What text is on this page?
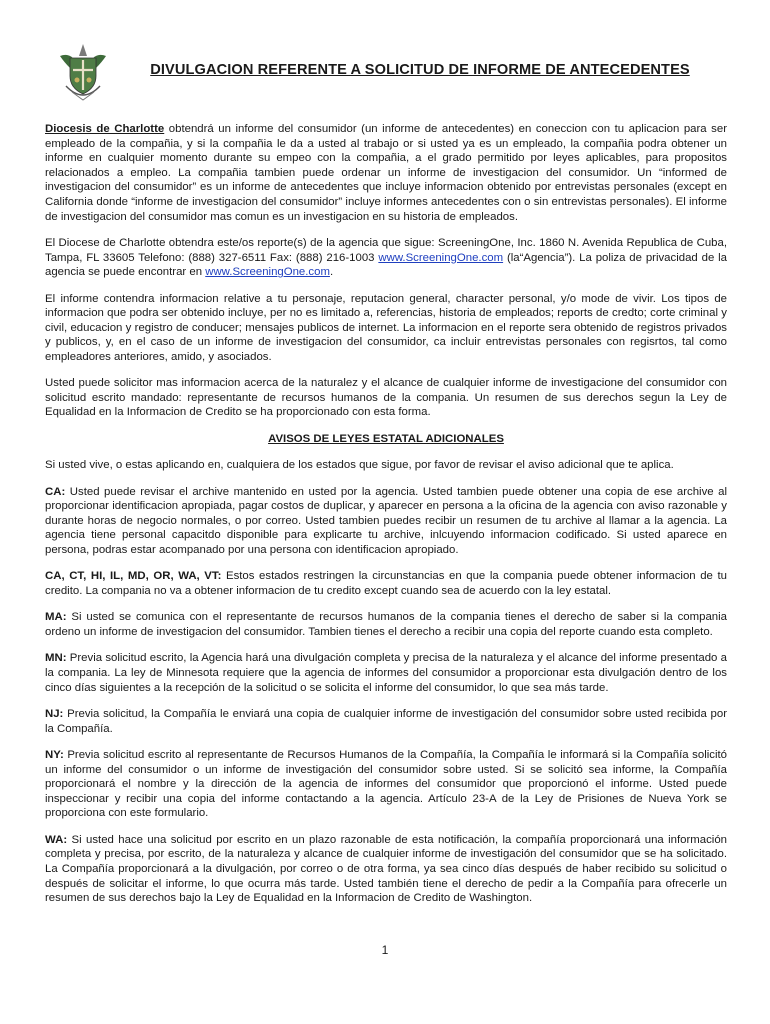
DIVULGACION REFERENTE A SOLICITUD DE INFORME DE ANTECEDENTES

Diocesis de Charlotte obtendrá un informe del consumidor (un informe de antecedentes) en coneccion con tu aplicacion para ser empleado de la compañia, y si la compañia le da a usted al trabajo or si usted ya es un empleado, la compañia podra obtener un informe en cualquier momento durante su empeo con la compañia, a el grado permitido por leyes aplicables, para propositos relacionados a empleo. La compañia tambien puede ordenar un informe de investigacion del consumidor. Un “informed de investigacion del consumidor” es un informe de antecedentes que incluye informacion obtenido por entrevistas personales (except en California donde “informe de investigacion del consumidor” incluye informes antecedentes con o sin entrevistas personales). El informe de investigacion del consumidor mas comun es un investigacion en su historia de empleados.

El Diocese de Charlotte obtendra este/os reporte(s) de la agencia que sigue: ScreeningOne, Inc. 1860 N. Avenida Republica de Cuba, Tampa, FL 33605 Telefono: (888) 327-6511 Fax: (888) 216-1003 www.ScreeningOne.com (la“Agencia”). La poliza de privacidad de la agencia se puede encontrar en www.ScreeningOne.com.

El informe contendra informacion relative a tu personaje, reputacion general, character personal, y/o mode de vivir. Los tipos de informacion que podra ser obtenido incluye, per no es limitado a, referencias, historia de empleados; reports de credto; corte criminal y civil, educacion y registro de conducer; mensajes publicos de internet. La informacion en el reporte sera obtenido de registros privados y publicos, y, en el caso de un informe de investigacion del consumidor, ca incluir entrevistas personales con regisrtos, tal como empleadores anteriores, amido, y asociados.

Usted puede solicitor mas informacion acerca de la naturalez y el alcance de cualquier informe de investigacione del consumidor con solicitud escrito mandado: representante de recursos humanos de la compania. Un resumen de sus derechos segun la Ley de Equalidad en la Informacion de Credito se ha proporcionado con esta forma.

AVISOS DE LEYES ESTATAL ADICIONALES

Si usted vive, o estas aplicando en, cualquiera de los estados que sigue, por favor de revisar el aviso adicional que te aplica.

CA: Usted puede revisar el archive mantenido en usted por la agencia. Usted tambien puede obtener una copia de ese archive al proporcionar identificacion apropiada, pagar costos de duplicar, y aparecer en persona a la oficina de la agencia con aviso razonable y durante horas de negocio normales, o por correo. Usted tambien puedes recibir un resumen de tu archive al llamar a la agencia. La agencia tiene personal capacitdo disponible para explicarte tu archive, inlcuyendo informacion codificado. Si usted aparece en persona, podras estar acompanado por una persona con identificacion apropiado.

CA, CT, HI, IL, MD, OR, WA, VT: Estos estados restringen la circunstancias en que la compania puede obtener informacion de tu credito. La compania no va a obtener informacion de tu credito except cuando sea de acuerdo con la ley estatal.

MA: Si usted se comunica con el representante de recursos humanos de la compania tienes el derecho de saber si la compania ordeno un informe de investigacion del consumidor. Tambien tienes el derecho a recibir una copia del reporte cuando esta completo.

MN: Previa solicitud escrito, la Agencia hará una divulgación completa y precisa de la naturaleza y el alcance del informe presentado a la compania. La ley de Minnesota requiere que la agencia de informes del consumidor a proporcionar esta divulgación dentro de los cinco días siguientes a la recepción de la solicitud o se solicita el informe del consumidor, lo que sea más tarde.

NJ: Previa solicitud, la Compañía le enviará una copia de cualquier informe de investigación del consumidor sobre usted recibida por la Compañía.

NY: Previa solicitud escrito al representante de Recursos Humanos de la Compañía, la Compañía le informará si la Compañía solicitó un informe del consumidor o un informe de investigación del consumidor sobre usted. Si se solicitó sea informe, la Compañía proporcionará el nombre y la dirección de la agencia de informes del consumidor que proporcionó el informe. Usted puede inspeccionar y recibir una copia del informe contactando a la agencia. Artículo 23-A de la Ley de Prisiones de Nueva York se proporciona con este formulario.

WA: Si usted hace una solicitud por escrito en un plazo razonable de esta notificación, la compañía proporcionará una información completa y precisa, por escrito, de la naturaleza y alcance de cualquier informe de investigación del consumidor que se ha solicitado. La Compañía proporcionará a la divulgación, por correo o de otra forma, ya sea cinco días después de haber recibido su solicitud o después de solicitar el informe, lo que ocurra más tarde. Usted también tiene el derecho de pedir a la Compañía para ofrecerle un resumen de sus derechos bajo la Ley de Equalidad en la Informacion de Credito de Washington.

1
